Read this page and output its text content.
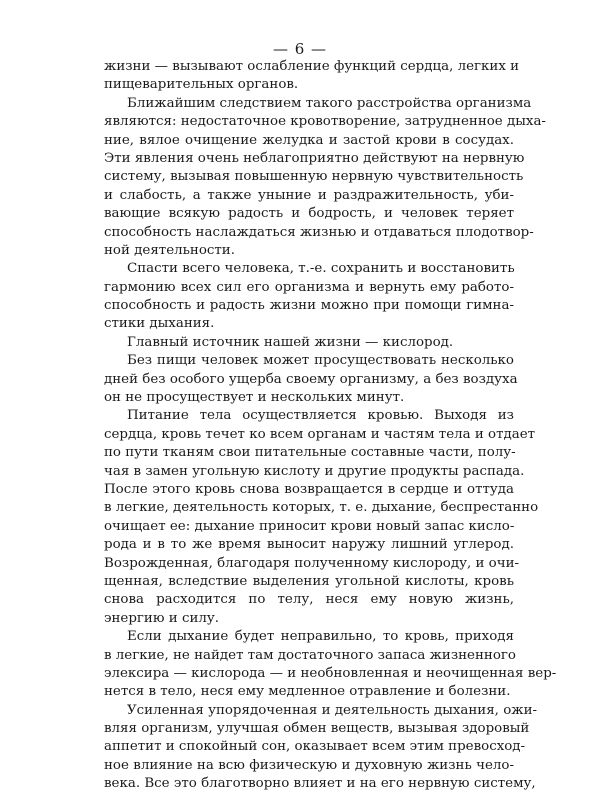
— 6 —
жизни — вызывают ослабление функций сердца, легких и
пищеварительных органов.
Ближайшим следствием такого расстройства организма
являются: недостаточное кровотворение, затрудненное дыха-
ние, вялое очищение желудка и застой крови в сосудах.
Эти явления очень неблагоприятно действуют на нервную
систему, вызывая повышенную нервную чувствительность
и слабость, а также уныние и раздражительность, уби-
вающие всякую радость и бодрость, и человек теряет
способность наслаждаться жизнью и отдаваться плодотвор-
ной деятельности.
Спасти всего человека, т.-е. сохранить и восстановить
гармонию всех сил его организма и вернуть ему работо-
способность и радость жизни можно при помощи гимна-
стики дыхания.
Главный источник нашей жизни — кислород.
Без пищи человек может просуществовать несколько
дней без особого ущерба своему организму, а без воздуха
он не просуществует и нескольких минут.
Питание тела осуществляется кровью. Выходя из
сердца, кровь течет ко всем органам и частям тела и отдает
по пути тканям свои питательные составные части, полу-
чая в замен угольную кислоту и другие продукты распада.
После этого кровь снова возвращается в сердце и оттуда
в легкие, деятельность которых, т. е. дыхание, беспрестанно
очищает ее: дыхание приносит крови новый запас кисло-
рода и в то же время выносит наружу лишний углерод.
Возрожденная, благодаря полученному кислороду, и очи-
щенная, вследствие выделения угольной кислоты, кровь
снова расходится по телу, неся ему новую жизнь,
энергию и силу.
Если дыхание будет неправильно, то кровь, приходя
в легкие, не найдет там достаточного запаса жизненного
элексира — кислорода — и необновленная и неочищенная вер-
нется в тело, неся ему медленное отравление и болезни.
Усиленная упорядоченная и деятельность дыхания, ожи-
вляя организм, улучшая обмен веществ, вызывая здоровый
аппетит и спокойный сон, оказывает всем этим превосход-
ное влияние на всю физическую и духовную жизнь чело-
века. Все это благотворно влияет и на его нервную систему,
